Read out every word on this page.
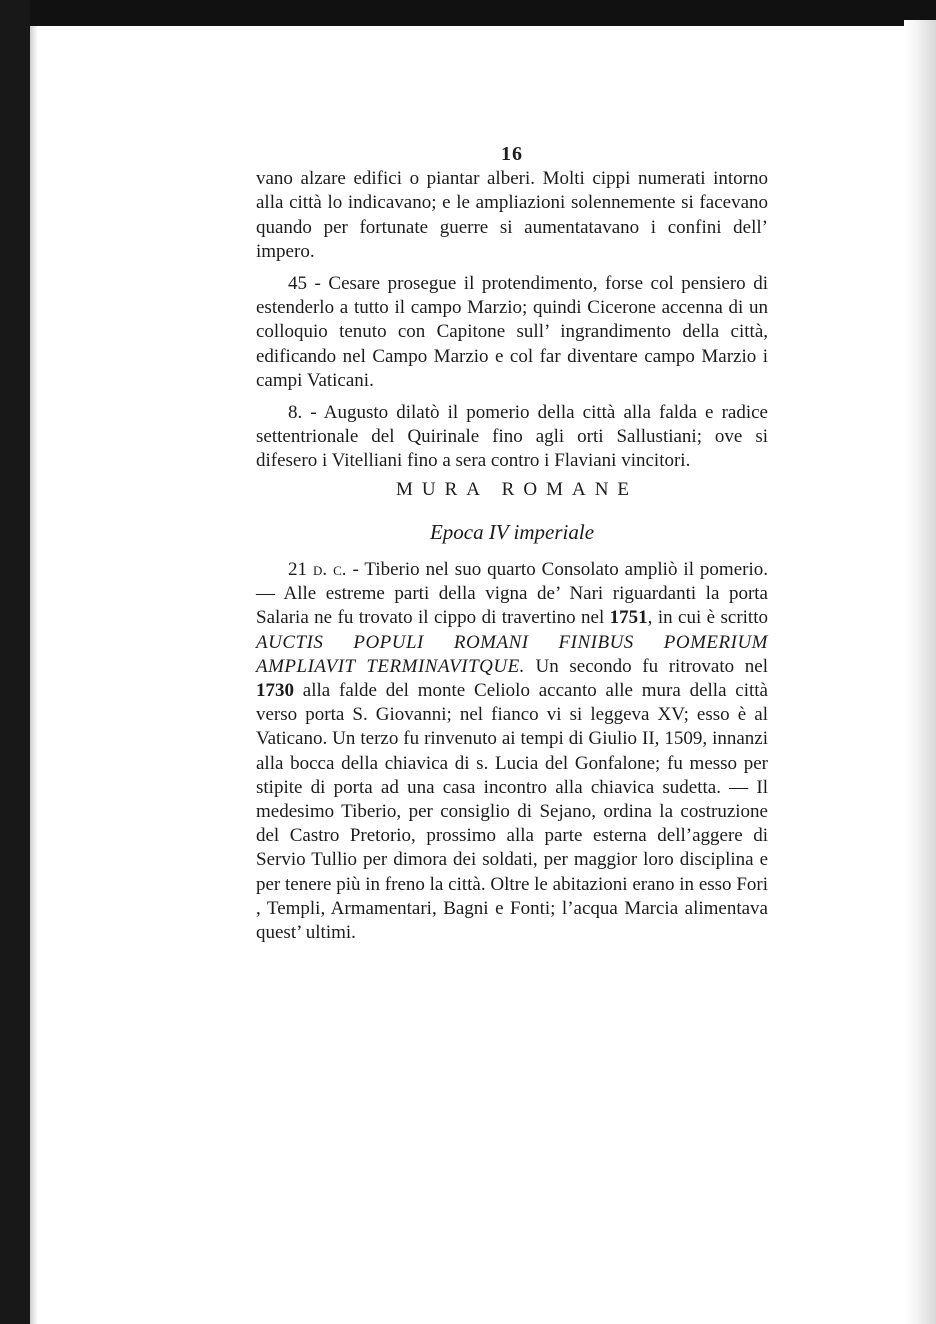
16

vano alzare edifici o piantar alberi. Molti cippi numerati intorno alla città lo indicavano; e le ampliazioni solennemente si facevano quando per fortunate guerre si aumentatavano i confini dell’ impero.

45 - Cesare prosegue il protendimento, forse col pensiero di estenderlo a tutto il campo Marzio; quindi Cicerone accenna di un colloquio tenuto con Capitone sull’ ingrandimento della città, edificando nel Campo Marzio e col far diventare campo Marzio i campi Vaticani.

8. - Augusto dilatò il pomerio della città alla falda e radice settentrionale del Quirinale fino agli orti Sallustiani; ove si difesero i Vitelliani fino a sera contro i Flaviani vincitori.

MURA ROMANE
Epoca IV imperiale

21 d. c. - Tiberio nel suo quarto Consolato ampliò il pomerio. — Alle estreme parti della vigna de’ Nari riguardanti la porta Salaria ne fu trovato il cippo di travertino nel 1751, in cui è scritto AUCTIS POPULI ROMANI FINIBUS POMERIUM AMPLIAVIT TERMINAVITQUE. Un secondo fu ritrovato nel 1730 alla falde del monte Celiolo accanto alle mura della città verso porta S. Giovanni; nel fianco vi si leggeva XV; esso è al Vaticano. Un terzo fu rinvenuto ai tempi di Giulio II, 1509, innanzi alla bocca della chiavica di s. Lucia del Gonfalone; fu messo per stipite di porta ad una casa incontro alla chiavica sudetta. — Il medesimo Tiberio, per consiglio di Sejano, ordina la costruzione del Castro Pretorio, prossimo alla parte esterna dell’aggere di Servio Tullio per dimora dei soldati, per maggior loro disciplina e per tenere più in freno la città. Oltre le abitazioni erano in esso Fori , Templi, Armamentari, Bagni e Fonti; l’acqua Marcia alimentava quest’ ultimi.
